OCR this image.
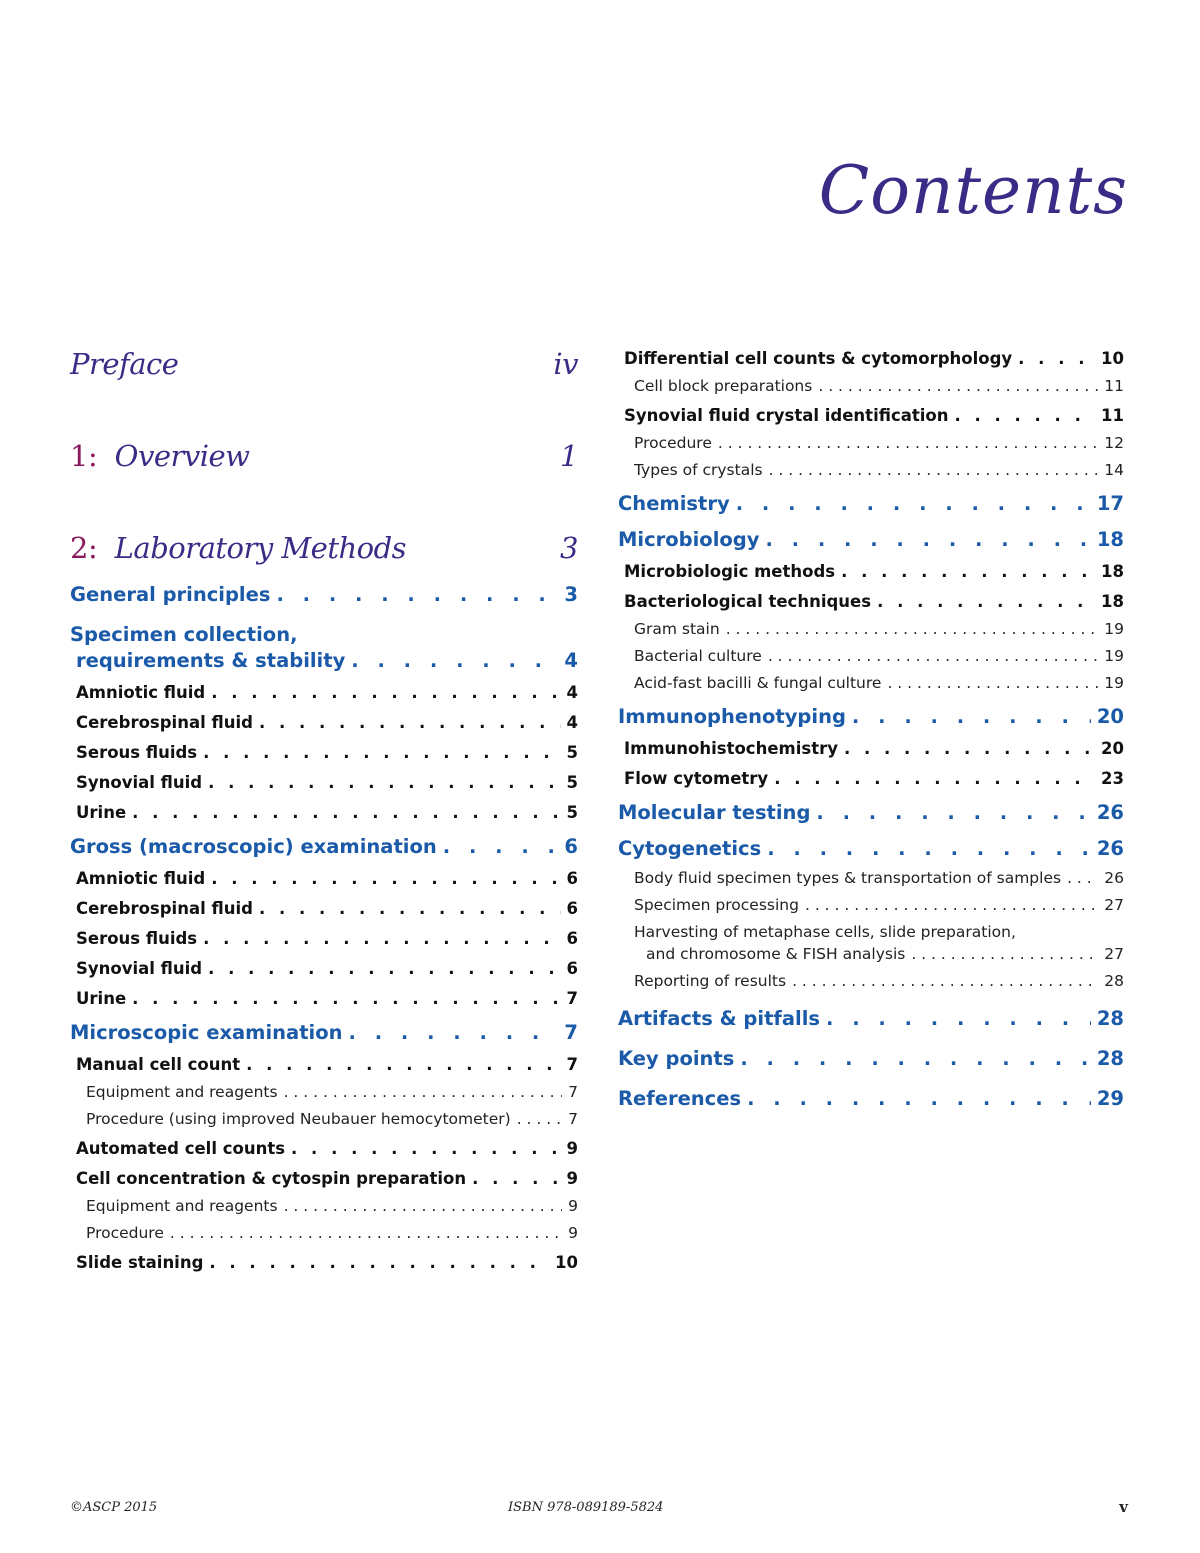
Contents
Preface	iv
1: Overview	1
2: Laboratory Methods	3
General principles . . .	3
Specimen collection,
requirements & stability . . .	4
Amniotic fluid . . .	4
Cerebrospinal fluid . . .	4
Serous fluids . . .	5
Synovial fluid . . .	5
Urine . . .	5
Gross (macroscopic) examination . . .	6
Amniotic fluid . . .	6
Cerebrospinal fluid . . .	6
Serous fluids . . .	6
Synovial fluid . . .	6
Urine . . .	7
Microscopic examination . . .	7
Manual cell count . . .	7
Equipment and reagents . . .	7
Procedure (using improved Neubauer hemocytometer) . . .	7
Automated cell counts . . .	9
Cell concentration & cytospin preparation . . .	9
Equipment and reagents . . .	9
Procedure . . .	9
Slide staining . . .	10
Differential cell counts & cytomorphology . . .	10
Cell block preparations . . .	11
Synovial fluid crystal identification . . .	11
Procedure . . .	12
Types of crystals . . .	14
Chemistry . . .	17
Microbiology . . .	18
Microbiologic methods . . .	18
Bacteriological techniques . . .	18
Gram stain . . .	19
Bacterial culture . . .	19
Acid-fast bacilli & fungal culture . . .	19
Immunophenotyping . . .	20
Immunohistochemistry . . .	20
Flow cytometry . . .	23
Molecular testing . . .	26
Cytogenetics . . .	26
Body fluid specimen types & transportation of samples . . .	26
Specimen processing . . .	27
Harvesting of metaphase cells, slide preparation,
and chromosome & FISH analysis . . .	27
Reporting of results . . .	28
Artifacts & pitfalls . . .	28
Key points . . .	28
References . . .	29
©ASCP 2015	ISBN 978-089189-5824	v
